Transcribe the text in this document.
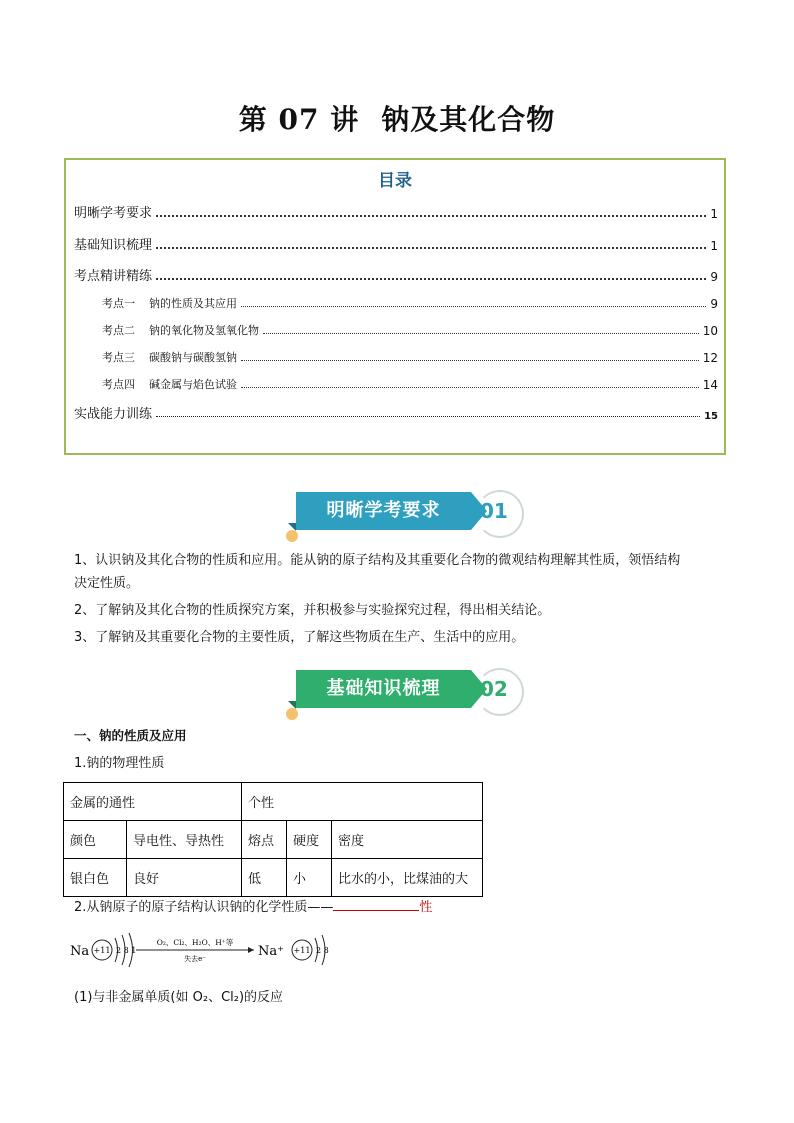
第 07 讲 钠及其化合物
目录
明晰学考要求	1
基础知识梳理	1
考点精讲精练	9
考点一 钠的性质及其应用	9
考点二 钠的氧化物及氢氧化物	10
考点三 碳酸钠与碳酸氢钠	12
考点四 碱金属与焰色试验	14
实战能力训练	15
明晰学考要求	01
1、认识钠及其化合物的性质和应用。能从钠的原子结构及其重要化合物的微观结构理解其性质，领悟结构
决定性质。
2、了解钠及其化合物的性质探究方案，并积极参与实验探究过程，得出相关结论。
3、了解钠及其重要化合物的主要性质，了解这些物质在生产、生活中的应用。
基础知识梳理	02
一、钠的性质及应用
1.钠的物理性质
金属的通性		个性		
颜色	导电性、导热性	熔点	硬度	密度
银白色	良好	低	小	比水的小，比煤油的大
2.从钠原子的原子结构认识钠的化学性质——	性
Na +11 2 8 1
O₂、Cl₂、H₂O、H⁺等
失去e⁻	Na⁺ +11 2 8
(1)与非金属单质(如 O₂、Cl₂)的反应
